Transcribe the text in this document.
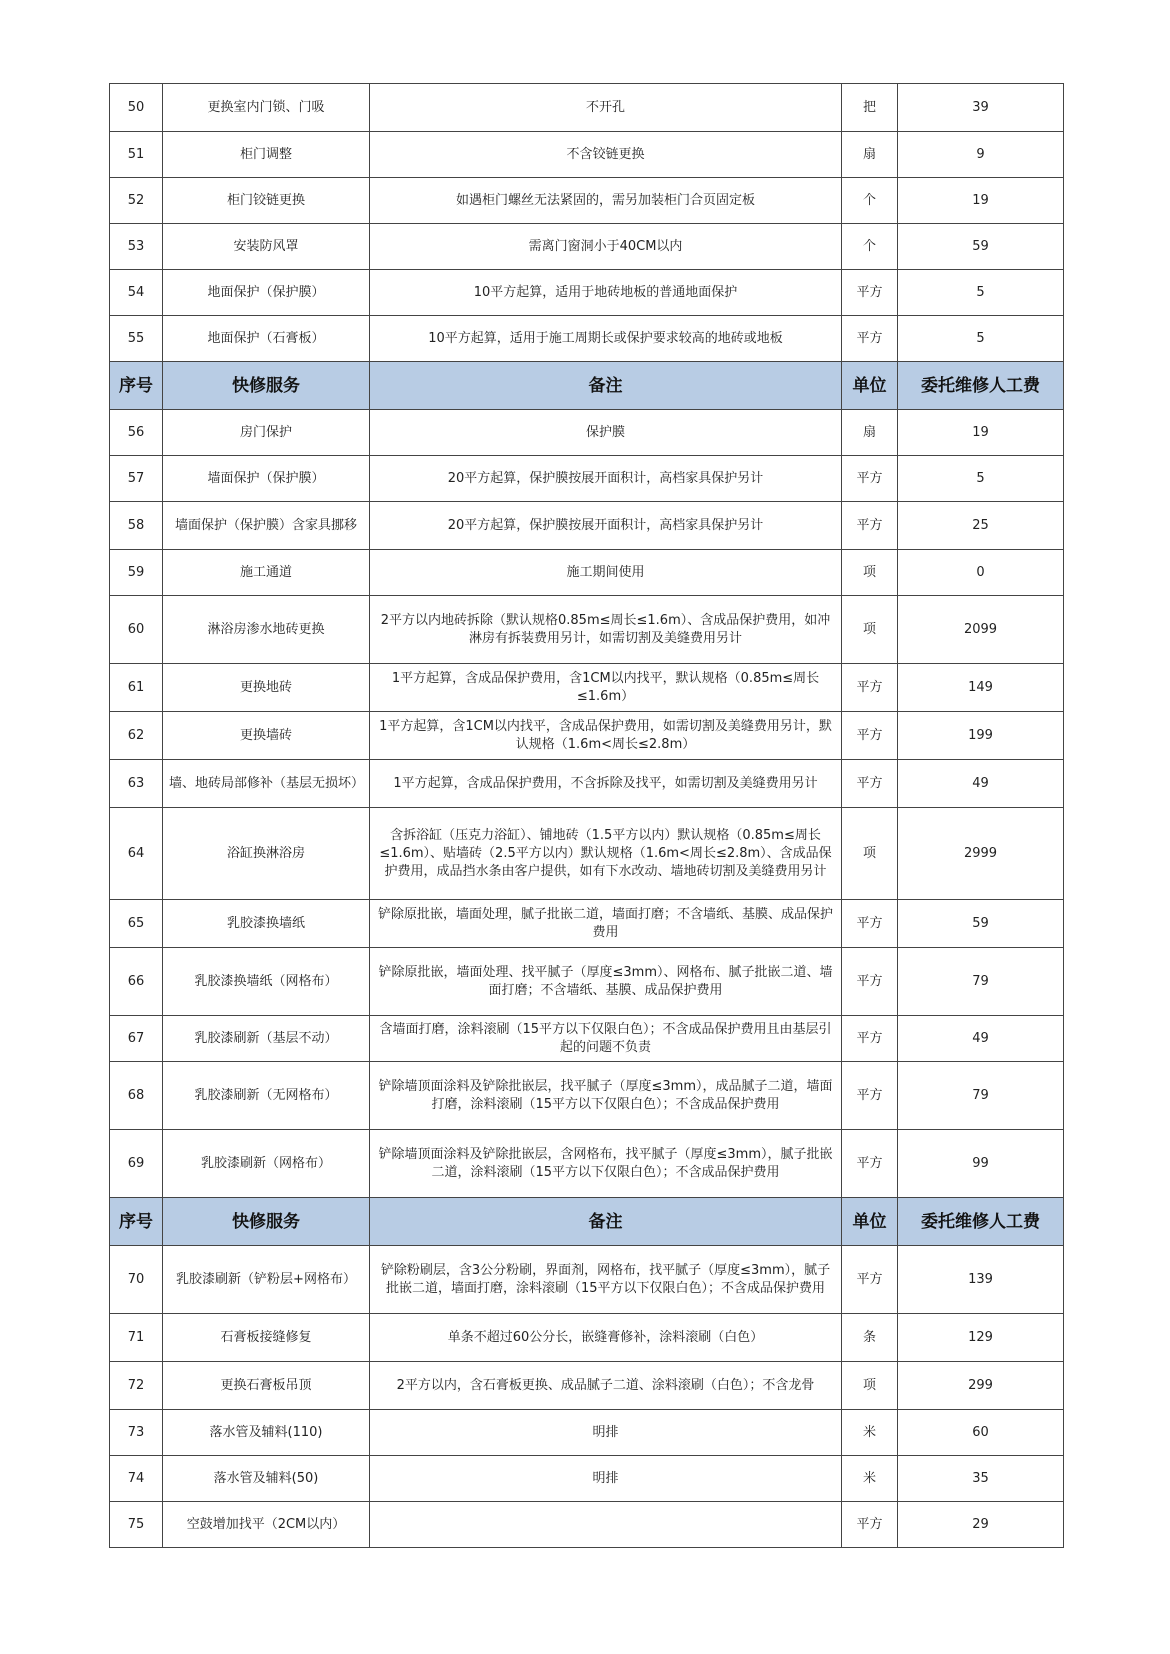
50	更换室内门锁、门吸	不开孔	把	39
51	柜门调整	不含铰链更换	扇	9
52	柜门铰链更换	如遇柜门螺丝无法紧固的，需另加装柜门合页固定板	个	19
53	安装防风罩	需离门窗洞小于40CM以内	个	59
54	地面保护（保护膜）	10平方起算，适用于地砖地板的普通地面保护	平方	5
55	地面保护（石膏板）	10平方起算，适用于施工周期长或保护要求较高的地砖或地板	平方	5
序号	快修服务	备注	单位	委托维修人工费
56	房门保护	保护膜	扇	19
57	墙面保护（保护膜）	20平方起算，保护膜按展开面积计，高档家具保护另计	平方	5
58	墙面保护（保护膜）含家具挪移	20平方起算，保护膜按展开面积计，高档家具保护另计	平方	25
59	施工通道	施工期间使用	项	0
60	淋浴房渗水地砖更换	2平方以内地砖拆除（默认规格0.85m≤周长≤1.6m）、含成品保护费用，如冲淋房有拆装费用另计，如需切割及美缝费用另计	项	2099
61	更换地砖	1平方起算，含成品保护费用，含1CM以内找平，默认规格（0.85m≤周长≤1.6m）	平方	149
62	更换墙砖	1平方起算，含1CM以内找平，含成品保护费用，如需切割及美缝费用另计，默认规格（1.6m<周长≤2.8m）	平方	199
63	墙、地砖局部修补（基层无损坏）	1平方起算，含成品保护费用，不含拆除及找平，如需切割及美缝费用另计	平方	49
64	浴缸换淋浴房	含拆浴缸（压克力浴缸）、铺地砖（1.5平方以内）默认规格（0.85m≤周长≤1.6m）、贴墙砖（2.5平方以内）默认规格（1.6m<周长≤2.8m）、含成品保护费用，成品挡水条由客户提供，如有下水改动、墙地砖切割及美缝费用另计	项	2999
65	乳胶漆换墙纸	铲除原批嵌，墙面处理，腻子批嵌二道，墙面打磨；不含墙纸、基膜、成品保护费用	平方	59
66	乳胶漆换墙纸（网格布）	铲除原批嵌，墙面处理、找平腻子（厚度≤3mm）、网格布、腻子批嵌二道、墙面打磨；不含墙纸、基膜、成品保护费用	平方	79
67	乳胶漆刷新（基层不动）	含墙面打磨，涂料滚刷（15平方以下仅限白色）；不含成品保护费用且由基层引起的问题不负责	平方	49
68	乳胶漆刷新（无网格布）	铲除墙顶面涂料及铲除批嵌层，找平腻子（厚度≤3mm），成品腻子二道，墙面打磨，涂料滚刷（15平方以下仅限白色）；不含成品保护费用	平方	79
69	乳胶漆刷新（网格布）	铲除墙顶面涂料及铲除批嵌层，含网格布，找平腻子（厚度≤3mm），腻子批嵌二道，涂料滚刷（15平方以下仅限白色）；不含成品保护费用	平方	99
序号	快修服务	备注	单位	委托维修人工费
70	乳胶漆刷新（铲粉层+网格布）	铲除粉刷层，含3公分粉刷，界面剂，网格布，找平腻子（厚度≤3mm），腻子批嵌二道，墙面打磨，涂料滚刷（15平方以下仅限白色）；不含成品保护费用	平方	139
71	石膏板接缝修复	单条不超过60公分长，嵌缝膏修补，涂料滚刷（白色）	条	129
72	更换石膏板吊顶	2平方以内，含石膏板更换、成品腻子二道、涂料滚刷（白色）；不含龙骨	项	299
73	落水管及辅料(110)	明排	米	60
74	落水管及辅料(50)	明排	米	35
75	空鼓增加找平（2CM以内）		平方	29
